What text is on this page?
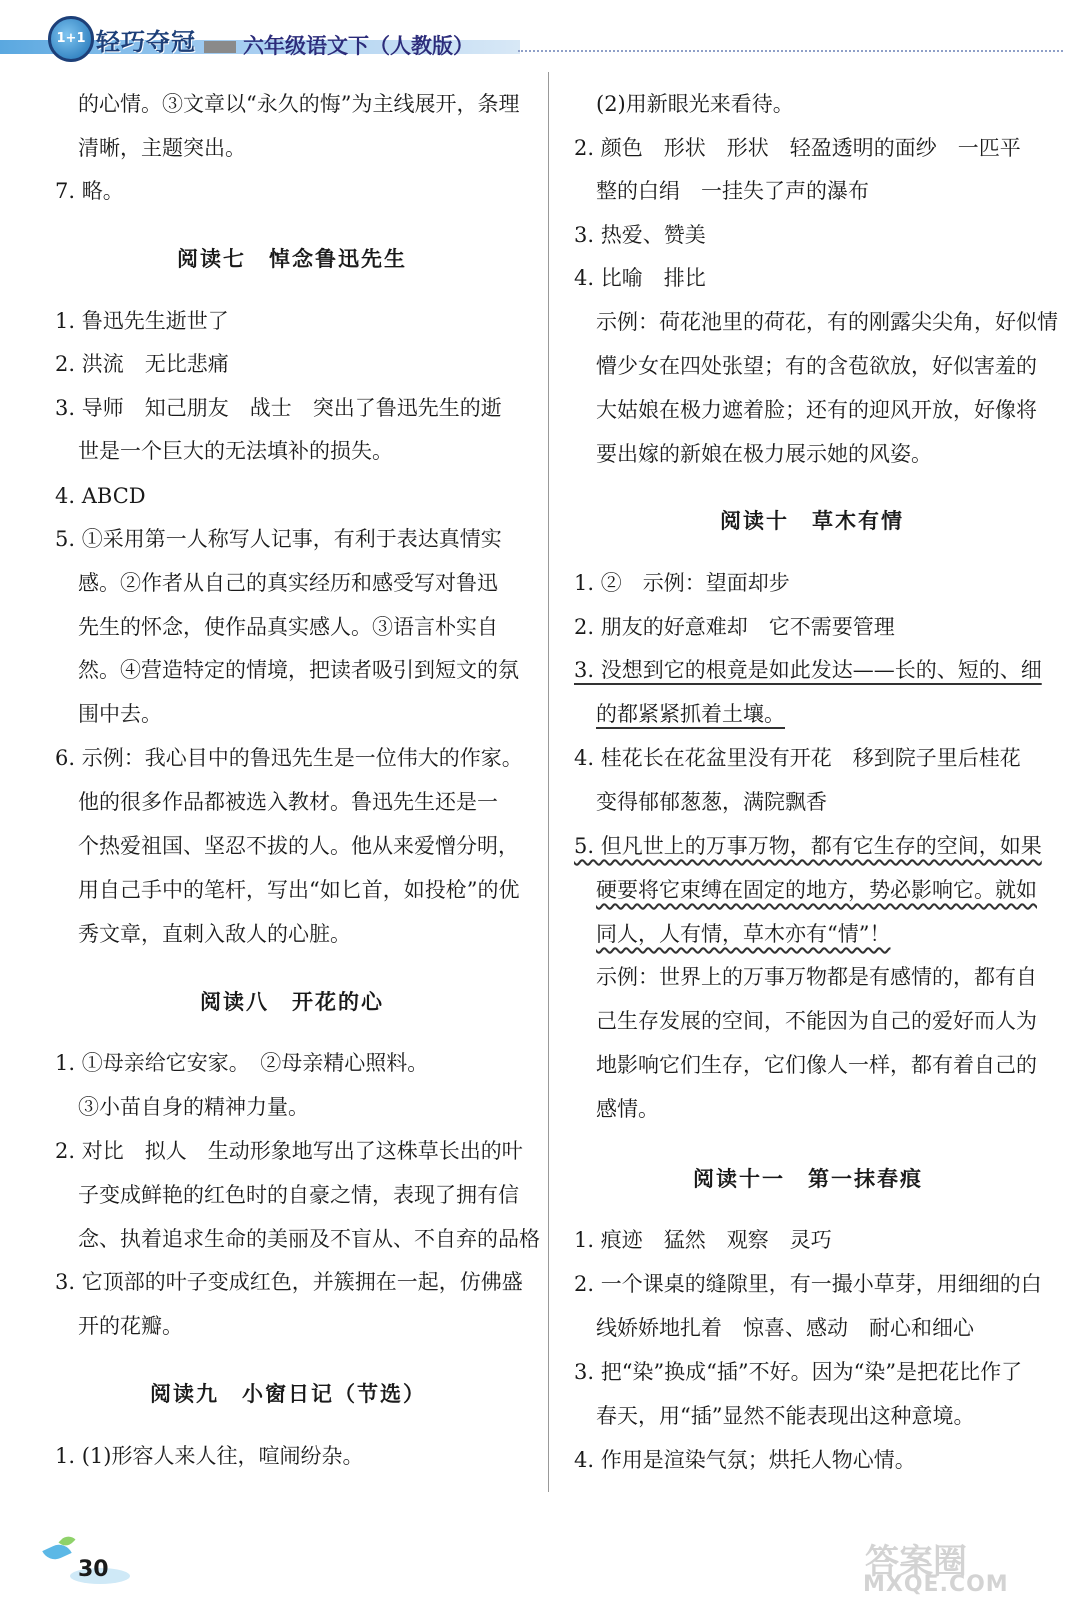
1+1 轻巧夺冠 六年级语文下（人教版）
的心情。③文章以“永久的悔”为主线展开，条理
清晰，主题突出。
7. 略。
阅读七　悼念鲁迅先生
1. 鲁迅先生逝世了
2. 洪流　无比悲痛
3. 导师　知己朋友　战士　突出了鲁迅先生的逝
世是一个巨大的无法填补的损失。
4. ABCD
5. ①采用第一人称写人记事，有利于表达真情实
感。②作者从自己的真实经历和感受写对鲁迅
先生的怀念，使作品真实感人。③语言朴实自
然。④营造特定的情境，把读者吸引到短文的氛
围中去。
6. 示例：我心目中的鲁迅先生是一位伟大的作家。
他的很多作品都被选入教材。鲁迅先生还是一
个热爱祖国、坚忍不拔的人。他从来爱憎分明，
用自己手中的笔杆，写出“如匕首，如投枪”的优
秀文章，直刺入敌人的心脏。
阅读八　开花的心
1. ①母亲给它安家。　②母亲精心照料。
③小苗自身的精神力量。
2. 对比　拟人　生动形象地写出了这株草长出的叶
子变成鲜艳的红色时的自豪之情，表现了拥有信
念、执着追求生命的美丽及不盲从、不自弃的品格
3. 它顶部的叶子变成红色，并簇拥在一起，仿佛盛
开的花瓣。
阅读九　小窗日记（节选）
1. (1)形容人来人往，喧闹纷杂。
(2)用新眼光来看待。
2. 颜色　形状　形状　轻盈透明的面纱　一匹平
整的白绢　一挂失了声的瀑布
3. 热爱、赞美
4. 比喻　排比
示例：荷花池里的荷花，有的刚露尖尖角，好似情
懵少女在四处张望；有的含苞欲放，好似害羞的
大姑娘在极力遮着脸；还有的迎风开放，好像将
要出嫁的新娘在极力展示她的风姿。
阅读十　草木有情
1. ②　示例：望面却步
2. 朋友的好意难却　它不需要管理
3. 没想到它的根竟是如此发达——长的、短的、细
的都紧紧抓着土壤。
4. 桂花长在花盆里没有开花　移到院子里后桂花
变得郁郁葱葱，满院飘香
5. 但凡世上的万事万物，都有它生存的空间，如果
硬要将它束缚在固定的地方，势必影响它。就如
同人，人有情，草木亦有“情”！
示例：世界上的万事万物都是有感情的，都有自
己生存发展的空间，不能因为自己的爱好而人为
地影响它们生存，它们像人一样，都有着自己的
感情。
阅读十一　第一抹春痕
1. 痕迹　猛然　观察　灵巧
2. 一个课桌的缝隙里，有一撮小草芽，用细细的白
线娇娇地扎着　惊喜、感动　耐心和细心
3. 把“染”换成“插”不好。因为“染”是把花比作了
春天，用“插”显然不能表现出这种意境。
4. 作用是渲染气氛；烘托人物心情。
30	答案圈
MXQE.COM
